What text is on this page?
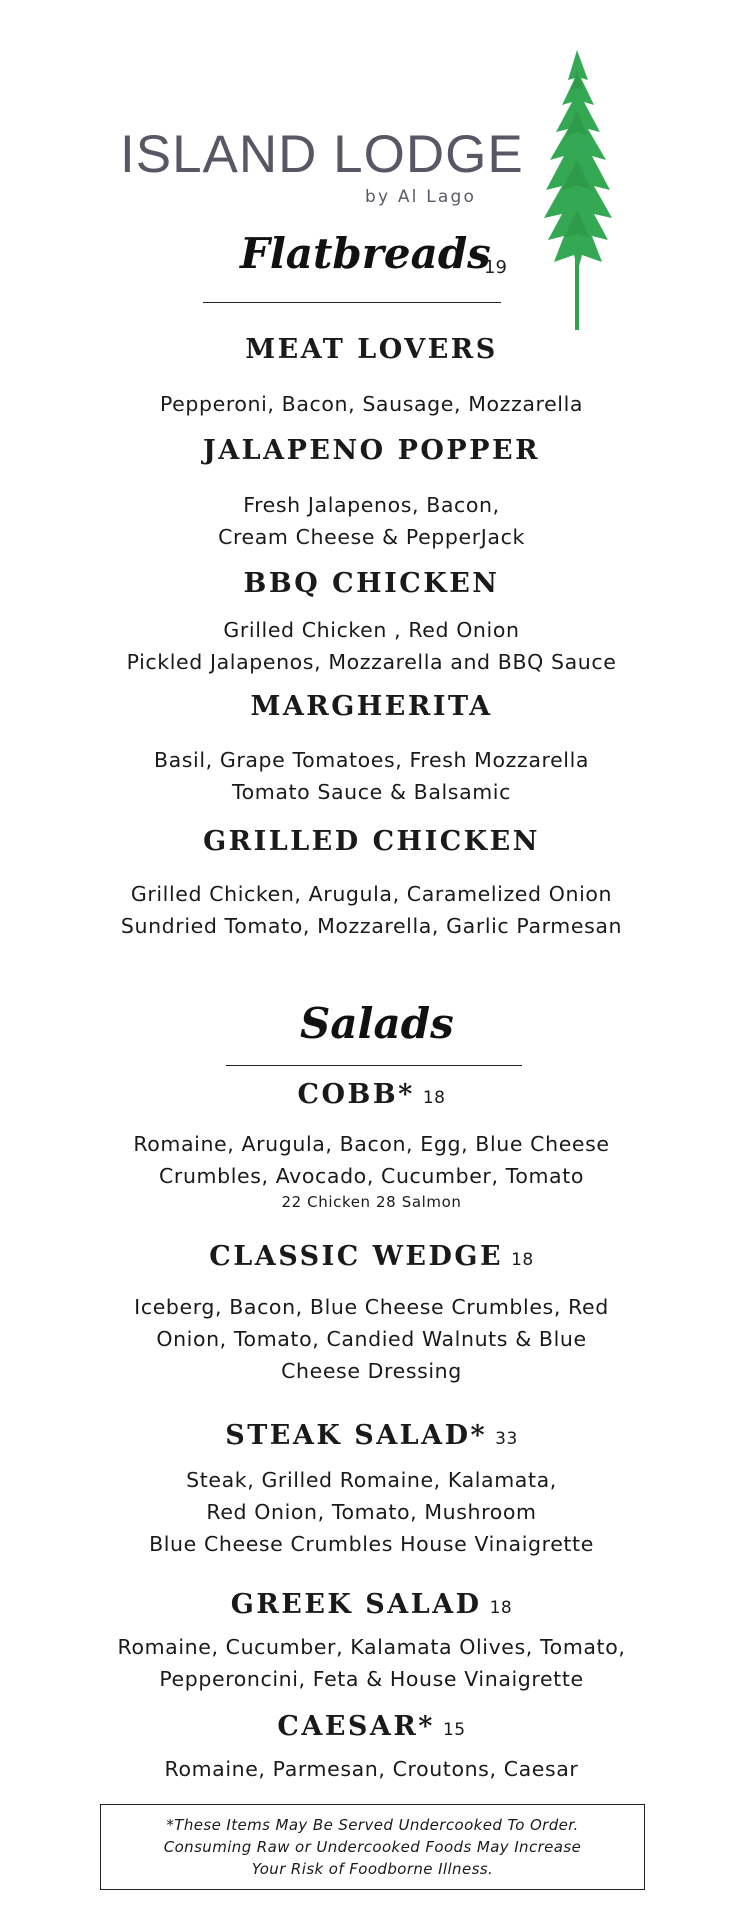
ISLAND LODGE
by Al Lago
Flatbreads
19
MEAT LOVERS
Pepperoni, Bacon, Sausage, Mozzarella
JALAPENO POPPER
Fresh Jalapenos, Bacon,
Cream Cheese & PepperJack
BBQ CHICKEN
Grilled Chicken , Red Onion
Pickled Jalapenos, Mozzarella and BBQ Sauce
MARGHERITA
Basil, Grape Tomatoes, Fresh Mozzarella
Tomato Sauce & Balsamic
GRILLED CHICKEN
Grilled Chicken, Arugula, Caramelized Onion
Sundried Tomato, Mozzarella, Garlic Parmesan
Salads
COBB* 18
Romaine, Arugula, Bacon, Egg, Blue Cheese
Crumbles, Avocado, Cucumber, Tomato
22 Chicken 28 Salmon
CLASSIC WEDGE 18
Iceberg, Bacon, Blue Cheese Crumbles, Red
Onion, Tomato, Candied Walnuts & Blue
Cheese Dressing
STEAK SALAD* 33
Steak, Grilled Romaine, Kalamata,
Red Onion, Tomato, Mushroom
Blue Cheese Crumbles House Vinaigrette
GREEK SALAD 18
Romaine, Cucumber, Kalamata Olives, Tomato,
Pepperoncini, Feta & House Vinaigrette
CAESAR* 15
Romaine, Parmesan, Croutons, Caesar
*These Items May Be Served Undercooked To Order.
Consuming Raw or Undercooked Foods May Increase
Your Risk of Foodborne Illness.
